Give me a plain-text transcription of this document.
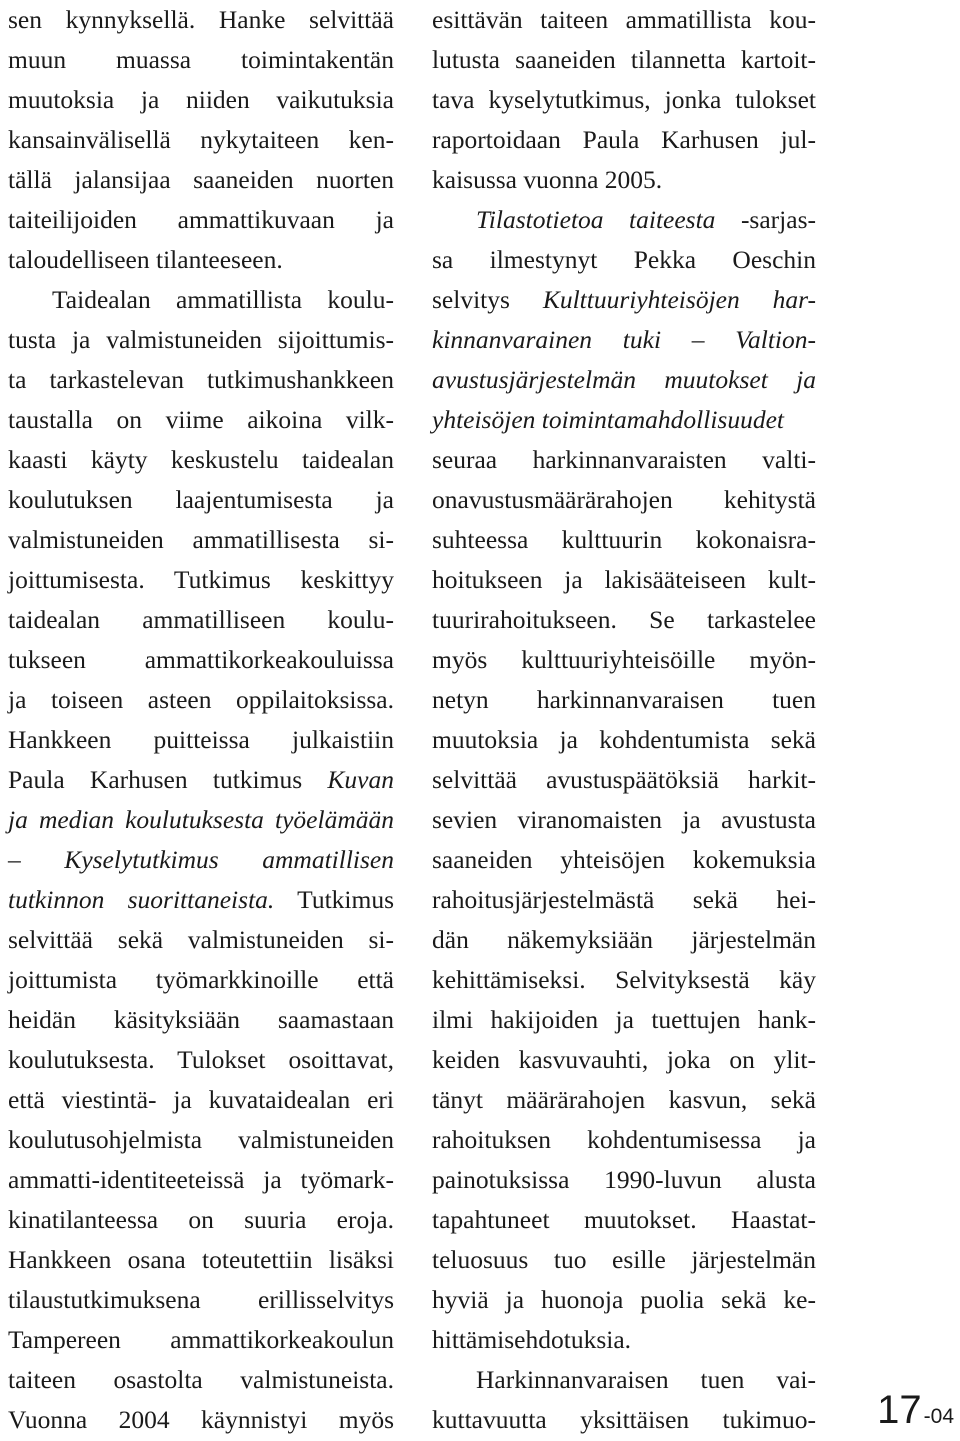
sen kynnyksellä. Hanke selvittää
muun muassa toimintakentän
muutoksia ja niiden vaikutuksia
kansainvälisellä nykytaiteen ken-
tällä jalansijaa saaneiden nuorten
taiteilijoiden ammattikuvaan ja
taloudelliseen tilanteeseen.
Taidealan ammatillista koulu-
tusta ja valmistuneiden sijoittumis-
ta tarkastelevan tutkimushankkeen
taustalla on viime aikoina vilk-
kaasti käyty keskustelu taidealan
koulutuksen laajentumisesta ja
valmistuneiden ammatillisesta si-
joittumisesta. Tutkimus keskittyy
taidealan ammatilliseen koulu-
tukseen ammattikorkeakouluissa
ja toiseen asteen oppilaitoksissa.
Hankkeen puitteissa julkaistiin
Paula Karhusen tutkimus Kuvan
ja median koulutuksesta työelämään
– Kyselytutkimus ammatillisen
tutkinnon suorittaneista. Tutkimus
selvittää sekä valmistuneiden si-
joittumista työmarkkinoille että
heidän käsityksiään saamastaan
koulutuksesta. Tulokset osoittavat,
että viestintä- ja kuvataidealan eri
koulutusohjelmista valmistuneiden
ammatti-identiteeteissä ja työmark-
kinatilanteessa on suuria eroja.
Hankkeen osana toteutettiin lisäksi
tilaustutkimuksena erillisselvitys
Tampereen ammattikorkeakoulun
taiteen osastolta valmistuneista.
Vuonna 2004 käynnistyi myös
esittävän taiteen ammatillista kou-
lutusta saaneiden tilannetta kartoit-
tava kyselytutkimus, jonka tulokset
raportoidaan Paula Karhusen jul-
kaisussa vuonna 2005.
Tilastotietoa taiteesta -sarjas-
sa ilmestynyt Pekka Oeschin
selvitys Kulttuuriyhteisöjen har-
kinnanvarainen tuki – Valtion-
avustusjärjestelmän muutokset ja
yhteisöjen toimintamahdollisuudet
seuraa harkinnanvaraisten valti-
onavustusmäärärahojen kehitystä
suhteessa kulttuurin kokonaisra-
hoitukseen ja lakisääteiseen kult-
tuurirahoitukseen. Se tarkastelee
myös kulttuuriyhteisöille myön-
netyn harkinnanvaraisen tuen
muutoksia ja kohdentumista sekä
selvittää avustuspäätöksiä harkit-
sevien viranomaisten ja avustusta
saaneiden yhteisöjen kokemuksia
rahoitusjärjestelmästä sekä hei-
dän näkemyksiään järjestelmän
kehittämiseksi. Selvityksestä käy
ilmi hakijoiden ja tuettujen hank-
keiden kasvuvauhti, joka on ylit-
tänyt määrärahojen kasvun, sekä
rahoituksen kohdentumisessa ja
painotuksissa 1990-luvun alusta
tapahtuneet muutokset. Haastat-
teluosuus tuo esille järjestelmän
hyviä ja huonoja puolia sekä ke-
hittämisehdotuksia.
Harkinnanvaraisen tuen vai-
kuttavuutta yksittäisen tukimuo- 17-04
